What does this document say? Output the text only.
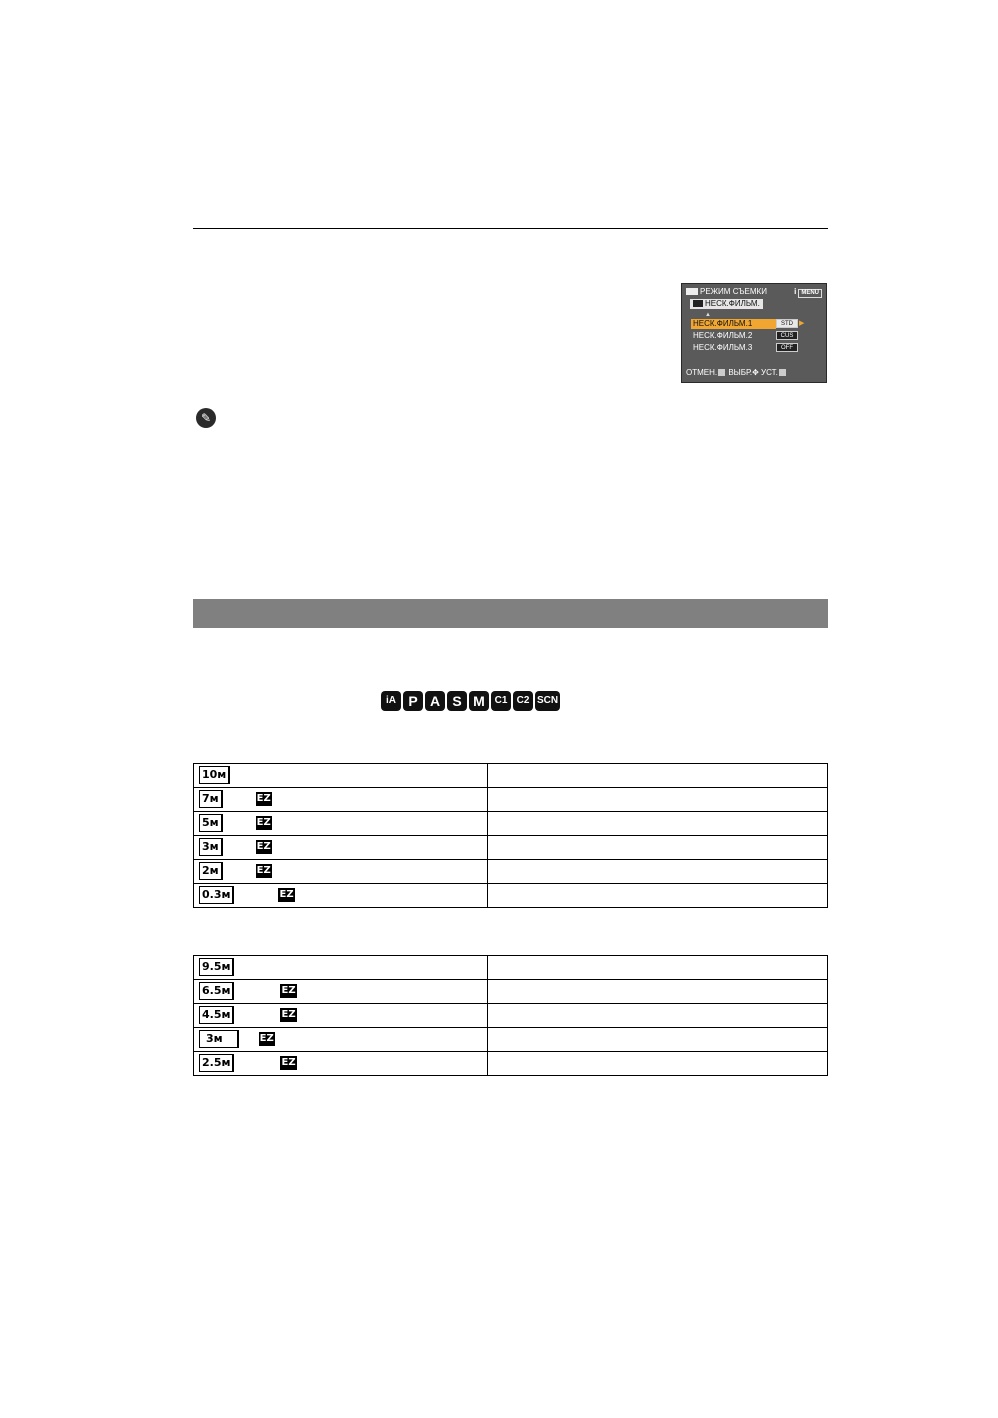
РЕЖИМ СЪЕМКИ	i MENU
НЕСК.ФИЛЬМ.
▲
НЕСК.ФИЛЬМ.1	◀ STD ▶
НЕСК.ФИЛЬМ.2	CUS
НЕСК.ФИЛЬМ.3	OFF
ОТМЕН. ВЫБР.✥ УСТ.
✎
iA P A S M C1 C2 SCN
10м	
7м EZ	
5м EZ	
3м EZ	
2м EZ	
0.3м EZ	
9.5м	
6.5м EZ	
4.5м EZ	
3м EZ	
2.5м EZ	
